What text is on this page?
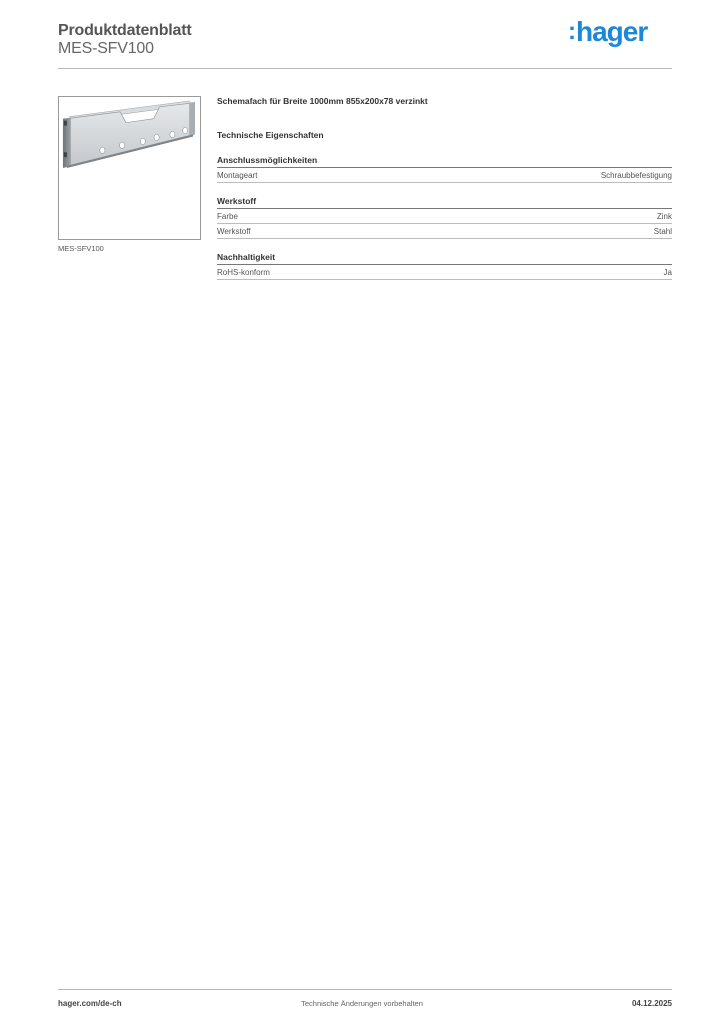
Produktdatenblatt
MES-SFV100
:hager
MES-SFV100
Schemafach für Breite 1000mm 855x200x78 verzinkt
Technische Eigenschaften
Anschlussmöglichkeiten
Montageart	Schraubbefestigung
Werkstoff
Farbe	Zink
Werkstoff	Stahl
Nachhaltigkeit
RoHS-konform	Ja
hager.com/de-ch	Technische Änderungen vorbehalten	04.12.2025
